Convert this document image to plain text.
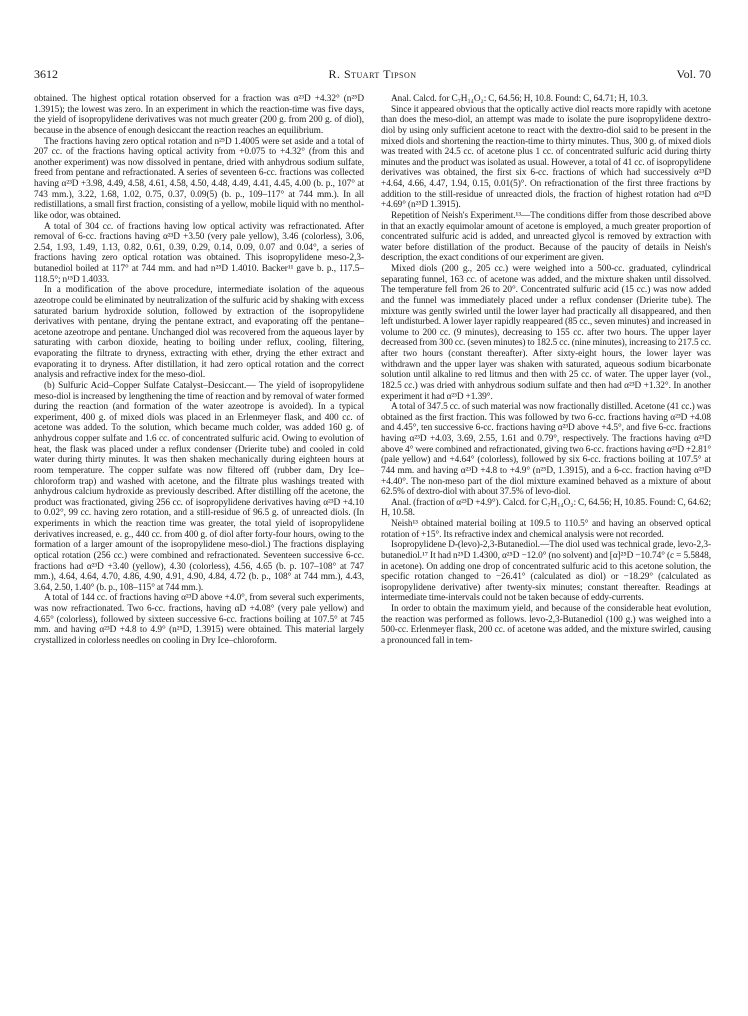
3612	R. Stuart Tipson	Vol. 70

obtained. The highest optical rotation observed for a fraction was α²³D +4.32° (n²⁵D 1.3915); the lowest was zero. In an experiment in which the reaction-time was five days, the yield of isopropylidene derivatives was not much greater (200 g. from 200 g. of diol), because in the absence of enough desiccant the reaction reaches an equilibrium.

The fractions having zero optical rotation and n²⁵D 1.4005 were set aside and a total of 207 cc. of the fractions having optical activity from +0.075 to +4.32° (from this and another experiment) was now dissolved in pentane, dried with anhydrous sodium sulfate, freed from pentane and refractionated. A series of seventeen 6-cc. fractions was collected having α²³D +3.98, 4.49, 4.58, 4.61, 4.58, 4.50, 4.48, 4.49, 4.41, 4.45, 4.00 (b. p., 107° at 743 mm.), 3.22, 1.68, 1.02, 0.75, 0.37, 0.09(5) (b. p., 109–117° at 744 mm.). In all redistillations, a small first fraction, consisting of a yellow, mobile liquid with no menthol-like odor, was obtained.

A total of 304 cc. of fractions having low optical activity was refractionated. After removal of 6-cc. fractions having α²³D +3.50 (very pale yellow), 3.46 (colorless), 3.06, 2.54, 1.93, 1.49, 1.13, 0.82, 0.61, 0.39, 0.29, 0.14, 0.09, 0.07 and 0.04°, a series of fractions having zero optical rotation was obtained. This isopropylidene meso-2,3-butanediol boiled at 117° at 744 mm. and had n²⁵D 1.4010. Backer¹¹ gave b. p., 117.5–118.5°; n¹⁵D 1.4033.

In a modification of the above procedure, intermediate isolation of the aqueous azeotrope could be eliminated by neutralization of the sulfuric acid by shaking with excess saturated barium hydroxide solution, followed by extraction of the isopropylidene derivatives with pentane, drying the pentane extract, and evaporating off the pentane–acetone azeotrope and pentane. Unchanged diol was recovered from the aqueous layer by saturating with carbon dioxide, heating to boiling under reflux, cooling, filtering, evaporating the filtrate to dryness, extracting with ether, drying the ether extract and evaporating it to dryness. After distillation, it had zero optical rotation and the correct analysis and refractive index for the meso-diol.

(b) Sulfuric Acid–Copper Sulfate Catalyst–Desiccant.— The yield of isopropylidene meso-diol is increased by lengthening the time of reaction and by removal of water formed during the reaction (and formation of the water azeotrope is avoided). In a typical experiment, 400 g. of mixed diols was placed in an Erlenmeyer flask, and 400 cc. of acetone was added. To the solution, which became much colder, was added 160 g. of anhydrous copper sulfate and 1.6 cc. of concentrated sulfuric acid. Owing to evolution of heat, the flask was placed under a reflux condenser (Drierite tube) and cooled in cold water during thirty minutes. It was then shaken mechanically during eighteen hours at room temperature. The copper sulfate was now filtered off (rubber dam, Dry Ice–chloroform trap) and washed with acetone, and the filtrate plus washings treated with anhydrous calcium hydroxide as previously described. After distilling off the acetone, the product was fractionated, giving 256 cc. of isopropylidene derivatives having α²³D +4.10 to 0.02°, 99 cc. having zero rotation, and a still-residue of 96.5 g. of unreacted diols. (In experiments in which the reaction time was greater, the total yield of isopropylidene derivatives increased, e. g., 440 cc. from 400 g. of diol after forty-four hours, owing to the formation of a larger amount of the isopropylidene meso-diol.) The fractions displaying optical rotation (256 cc.) were combined and refractionated. Seventeen successive 6-cc. fractions had α²³D +3.40 (yellow), 4.30 (colorless), 4.56, 4.65 (b. p. 107–108° at 747 mm.), 4.64, 4.64, 4.70, 4.86, 4.90, 4.91, 4.90, 4.84, 4.72 (b. p., 108° at 744 mm.), 4.43, 3.64, 2.50, 1.40° (b. p., 108–115° at 744 mm.).

A total of 144 cc. of fractions having α²³D above +4.0°, from several such experiments, was now refractionated. Two 6-cc. fractions, having αD +4.08° (very pale yellow) and 4.65° (colorless), followed by sixteen successive 6-cc. fractions boiling at 107.5° at 745 mm. and having α²³D +4.8 to 4.9° (n²⁵D, 1.3915) were obtained. This material largely crystallized in colorless needles on cooling in Dry Ice–chloroform.

Anal. Calcd. for C₇H₁₄O₂: C, 64.56; H, 10.8. Found: C, 64.71; H, 10.3.

Since it appeared obvious that the optically active diol reacts more rapidly with acetone than does the meso-diol, an attempt was made to isolate the pure isopropylidene dextro-diol by using only sufficient acetone to react with the dextro-diol said to be present in the mixed diols and shortening the reaction-time to thirty minutes. Thus, 300 g. of mixed diols was treated with 24.5 cc. of acetone plus 1 cc. of concentrated sulfuric acid during thirty minutes and the product was isolated as usual. However, a total of 41 cc. of isopropylidene derivatives was obtained, the first six 6-cc. fractions of which had successively α²³D +4.64, 4.66, 4.47, 1.94, 0.15, 0.01(5)°. On refractionation of the first three fractions by addition to the still-residue of unreacted diols, the fraction of highest rotation had α²³D +4.69° (n²⁵D 1.3915).

Repetition of Neish's Experiment.¹³—The conditions differ from those described above in that an exactly equimolar amount of acetone is employed, a much greater proportion of concentrated sulfuric acid is added, and unreacted glycol is removed by extraction with water before distillation of the product. Because of the paucity of details in Neish's description, the exact conditions of our experiment are given.

Mixed diols (200 g., 205 cc.) were weighed into a 500-cc. graduated, cylindrical separating funnel, 163 cc. of acetone was added, and the mixture shaken until dissolved. The temperature fell from 26 to 20°. Concentrated sulfuric acid (15 cc.) was now added and the funnel was immediately placed under a reflux condenser (Drierite tube). The mixture was gently swirled until the lower layer had practically all disappeared, and then left undisturbed. A lower layer rapidly reappeared (85 cc., seven minutes) and increased in volume to 200 cc. (9 minutes), decreasing to 155 cc. after two hours. The upper layer decreased from 300 cc. (seven minutes) to 182.5 cc. (nine minutes), increasing to 217.5 cc. after two hours (constant thereafter). After sixty-eight hours, the lower layer was withdrawn and the upper layer was shaken with saturated, aqueous sodium bicarbonate solution until alkaline to red litmus and then with 25 cc. of water. The upper layer (vol., 182.5 cc.) was dried with anhydrous sodium sulfate and then had α²³D +1.32°. In another experiment it had α²³D +1.39°.

A total of 347.5 cc. of such material was now fractionally distilled. Acetone (41 cc.) was obtained as the first fraction. This was followed by two 6-cc. fractions having α²³D +4.08 and 4.45°, ten successive 6-cc. fractions having α²³D above +4.5°, and five 6-cc. fractions having α²³D +4.03, 3.69, 2.55, 1.61 and 0.79°, respectively. The fractions having α²³D above 4° were combined and refractionated, giving two 6-cc. fractions having α²³D +2.81° (pale yellow) and +4.64° (colorless), followed by six 6-cc. fractions boiling at 107.5° at 744 mm. and having α²³D +4.8 to +4.9° (n²⁵D, 1.3915), and a 6-cc. fraction having α²³D +4.40°. The non-meso part of the diol mixture examined behaved as a mixture of about 62.5% of dextro-diol with about 37.5% of levo-diol.

Anal. (fraction of α²³D +4.9°). Calcd. for C₇H₁₄O₂: C, 64.56; H, 10.85. Found: C, 64.62; H, 10.58.

Neish¹³ obtained material boiling at 109.5 to 110.5° and having an observed optical rotation of +15°. Its refractive index and chemical analysis were not recorded.

Isopropylidene D-(levo)-2,3-Butanediol.—The diol used was technical grade, levo-2,3-butanediol.¹⁷ It had n²⁵D 1.4300, α²⁵D −12.0° (no solvent) and [α]²⁵D −10.74° (c = 5.5848, in acetone). On adding one drop of concentrated sulfuric acid to this acetone solution, the specific rotation changed to −26.41° (calculated as diol) or −18.29° (calculated as isopropylidene derivative) after twenty-six minutes; constant thereafter. Readings at intermediate time-intervals could not be taken because of eddy-currents.

In order to obtain the maximum yield, and because of the considerable heat evolution, the reaction was performed as follows. levo-2,3-Butanediol (100 g.) was weighed into a 500-cc. Erlenmeyer flask, 200 cc. of acetone was added, and the mixture swirled, causing a pronounced fall in tem-
